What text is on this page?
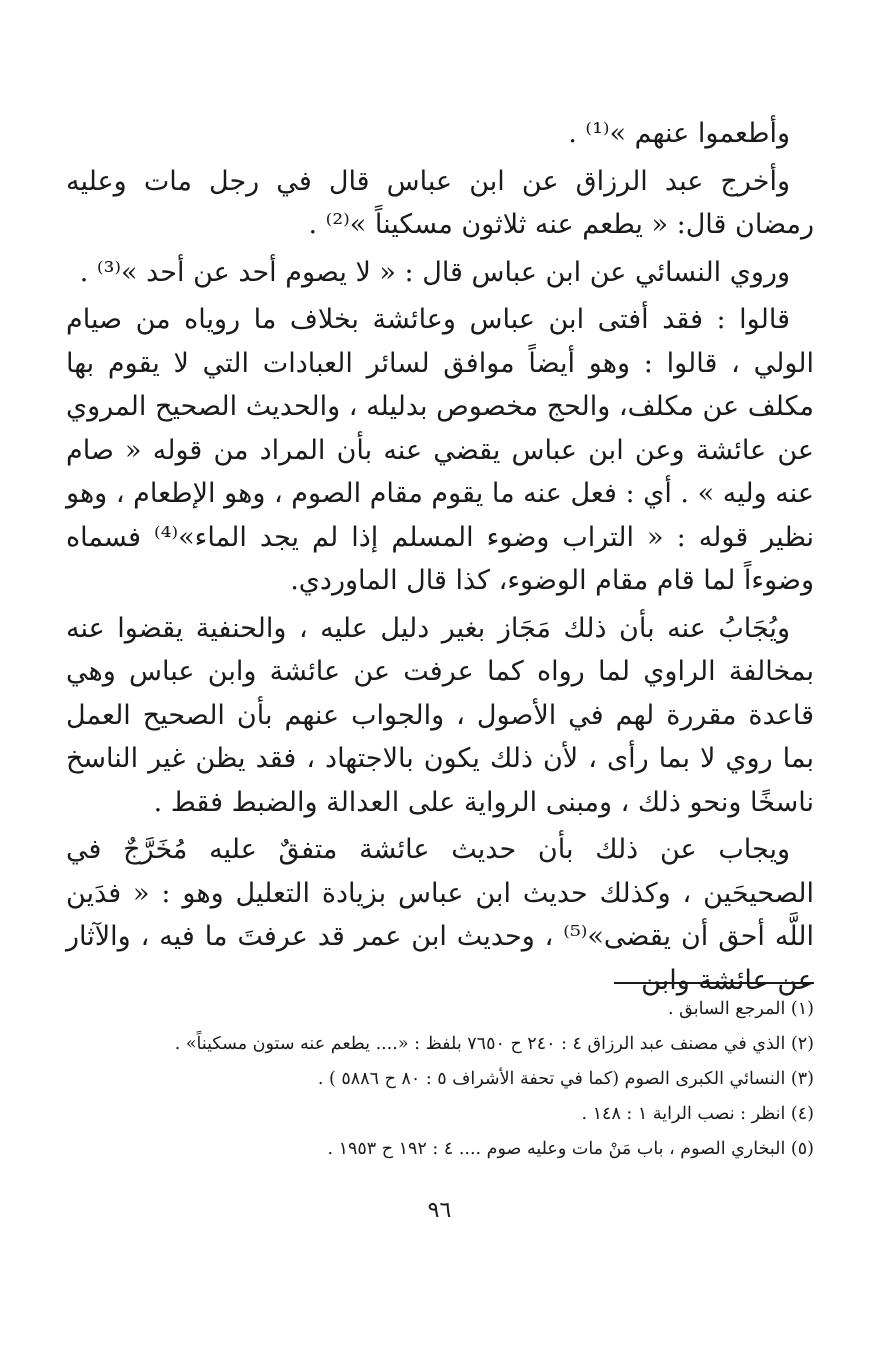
وأطعموا عنهم »⁽¹⁾ .

وأخرج عبد الرزاق عن ابن عباس قال في رجل مات وعليه رمضان قال: « يطعم عنه ثلاثون مسكيناً »⁽²⁾ .

وروي النسائي عن ابن عباس قال : « لا يصوم أحد عن أحد »⁽³⁾ .

قالوا : فقد أفتى ابن عباس وعائشة بخلاف ما روياه من صيام الولي ، قالوا : وهو أيضاً موافق لسائر العبادات التي لا يقوم بها مكلف عن مكلف، والحج مخصوص بدليله ، والحديث الصحيح المروي عن عائشة وعن ابن عباس يقضي عنه بأن المراد من قوله « صام عنه وليه » . أي : فعل عنه ما يقوم مقام الصوم ، وهو الإطعام ، وهو نظير قوله : « التراب وضوء المسلم إذا لم يجد الماء»⁽⁴⁾ فسماه وضوءاً لما قام مقام الوضوء، كذا قال الماوردي.

ويُجَابُ عنه بأن ذلك مَجَاز بغير دليل عليه ، والحنفية يقضوا عنه بمخالفة الراوي لما رواه كما عرفت عن عائشة وابن عباس وهي قاعدة مقررة لهم في الأصول ، والجواب عنهم بأن الصحيح العمل بما روي لا بما رأى ، لأن ذلك يكون بالاجتهاد ، فقد يظن غير الناسخ ناسخًا ونحو ذلك ، ومبنى الرواية على العدالة والضبط فقط .

ويجاب عن ذلك بأن حديث عائشة متفقٌ عليه مُخَرَّجٌ في الصحيحَين ، وكذلك حديث ابن عباس بزيادة التعليل وهو : « فدَين اللَّه أحق أن يقضى»⁽⁵⁾ ، وحديث ابن عمر قد عرفتَ ما فيه ، والآثار عن عائشة وابن

(١) المرجع السابق .
(٢) الذي في مصنف عبد الرزاق ٤ : ٢٤٠ ح ٧٦٥٠ بلفظ : «.... يطعم عنه ستون مسكيناً» .
(٣) النسائي الكبرى الصوم (كما في تحفة الأشراف ٥ : ٨٠ ح ٥٨٨٦ ) .
(٤) انظر : نصب الراية ١ : ١٤٨ .
(٥) البخاري الصوم ، باب مَنْ مات وعليه صوم .... ٤ : ١٩٢ ح ١٩٥٣ .
٩٦
